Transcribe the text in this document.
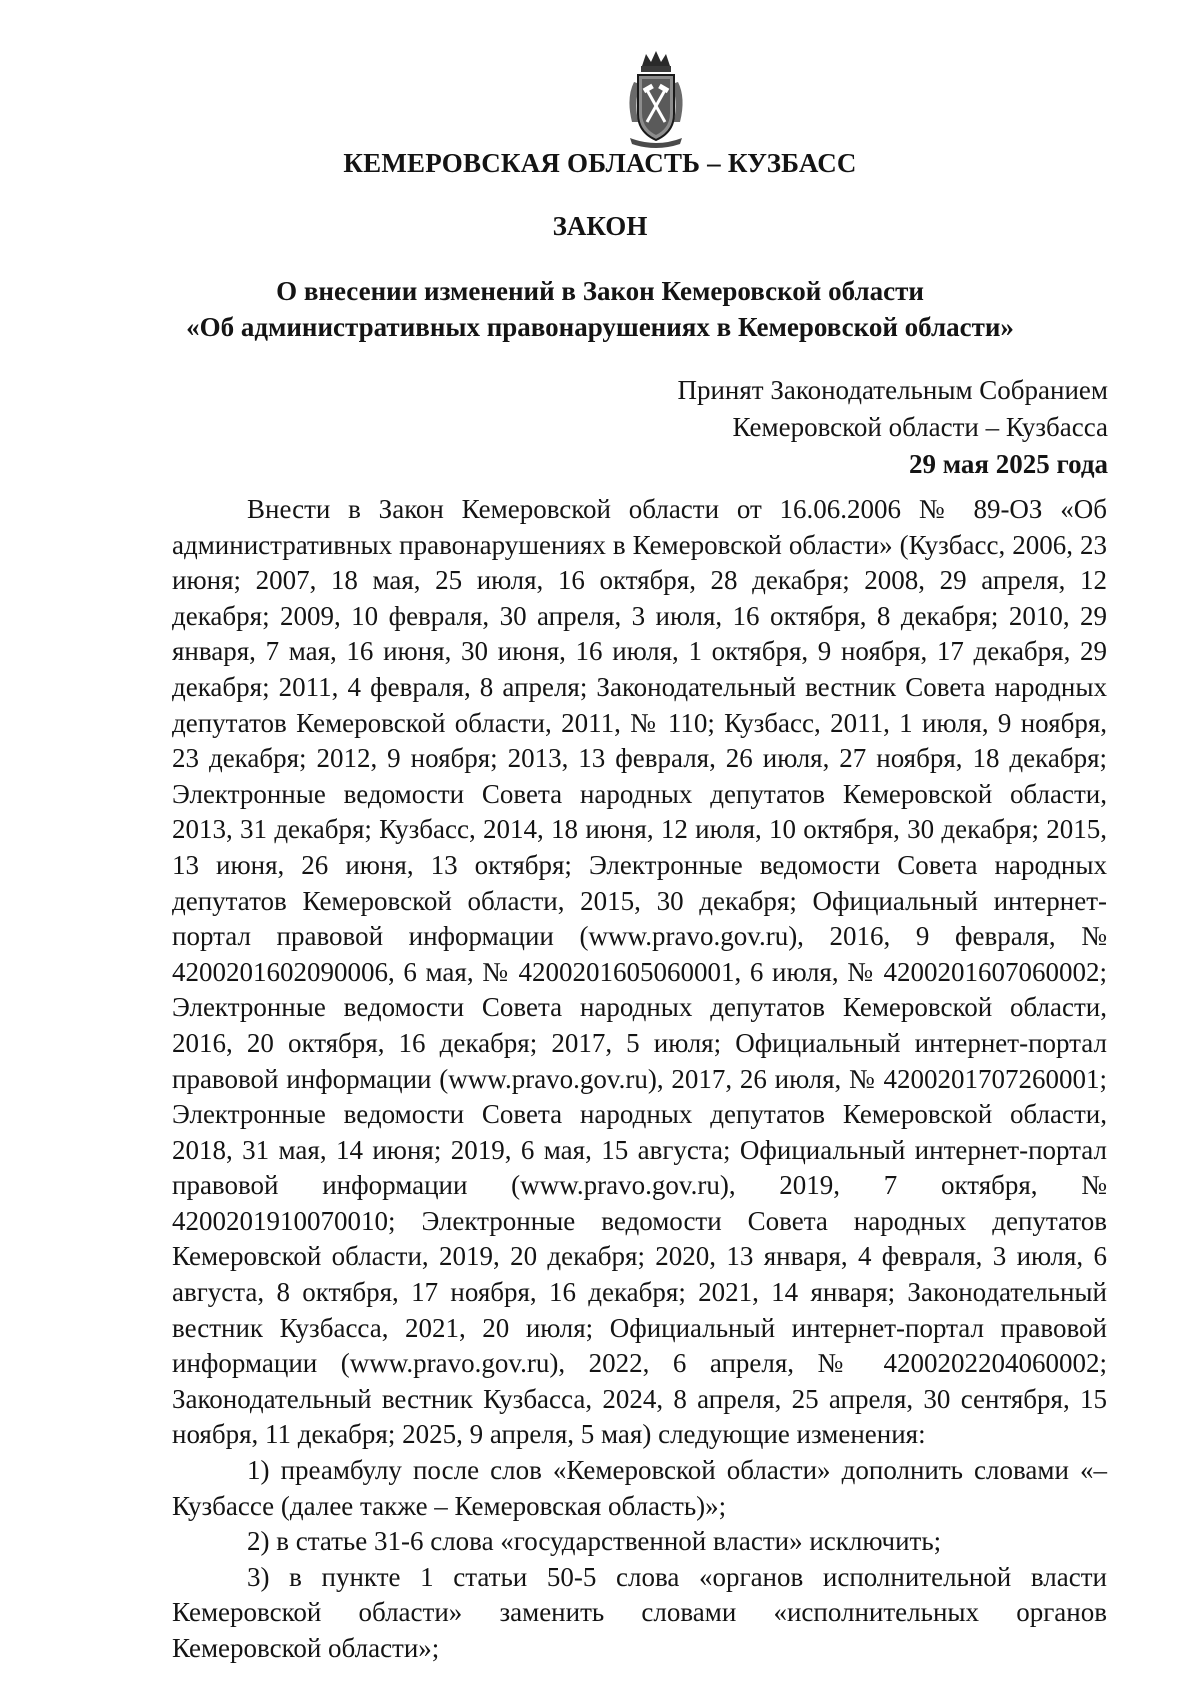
КЕМЕРОВСКАЯ ОБЛАСТЬ – КУЗБАСС
ЗАКОН
О внесении изменений в Закон Кемеровской области
«Об административных правонарушениях в Кемеровской области»
Принят Законодательным Собранием
Кемеровской области – Кузбасса
29 мая 2025 года

Внести в Закон Кемеровской области от 16.06.2006 № 89-ОЗ «Об административных правонарушениях в Кемеровской области» (Кузбасс, 2006, 23 июня; 2007, 18 мая, 25 июля, 16 октября, 28 декабря; 2008, 29 апреля, 12 декабря; 2009, 10 февраля, 30 апреля, 3 июля, 16 октября, 8 декабря; 2010, 29 января, 7 мая, 16 июня, 30 июня, 16 июля, 1 октября, 9 ноября, 17 декабря, 29 декабря; 2011, 4 февраля, 8 апреля; Законодательный вестник Совета народных депутатов Кемеровской области, 2011, № 110; Кузбасс, 2011, 1 июля, 9 ноября, 23 декабря; 2012, 9 ноября; 2013, 13 февраля, 26 июля, 27 ноября, 18 декабря; Электронные ведомости Совета народных депутатов Кемеровской области, 2013, 31 декабря; Кузбасс, 2014, 18 июня, 12 июля, 10 октября, 30 декабря; 2015, 13 июня, 26 июня, 13 октября; Электронные ведомости Совета народных депутатов Кемеровской области, 2015, 30 декабря; Официальный интернет-портал правовой информации (www.pravo.gov.ru), 2016, 9 февраля, № 4200201602090006, 6 мая, № 4200201605060001, 6 июля, № 4200201607060002; Электронные ведомости Совета народных депутатов Кемеровской области, 2016, 20 октября, 16 декабря; 2017, 5 июля; Официальный интернет-портал правовой информации (www.pravo.gov.ru), 2017, 26 июля, № 4200201707260001; Электронные ведомости Совета народных депутатов Кемеровской области, 2018, 31 мая, 14 июня; 2019, 6 мая, 15 августа; Официальный интернет-портал правовой информации (www.pravo.gov.ru), 2019, 7 октября, № 4200201910070010; Электронные ведомости Совета народных депутатов Кемеровской области, 2019, 20 декабря; 2020, 13 января, 4 февраля, 3 июля, 6 августа, 8 октября, 17 ноября, 16 декабря; 2021, 14 января; Законодательный вестник Кузбасса, 2021, 20 июля; Официальный интернет-портал правовой информации (www.pravo.gov.ru), 2022, 6 апреля, № 4200202204060002; Законодательный вестник Кузбасса, 2024, 8 апреля, 25 апреля, 30 сентября, 15 ноября, 11 декабря; 2025, 9 апреля, 5 мая) следующие изменения:

1) преамбулу после слов «Кемеровской области» дополнить словами «– Кузбассе (далее также – Кемеровская область)»;

2) в статье 31-6 слова «государственной власти» исключить;

3) в пункте 1 статьи 50-5 слова «органов исполнительной власти Кемеровской области» заменить словами «исполнительных органов Кемеровской области»;
